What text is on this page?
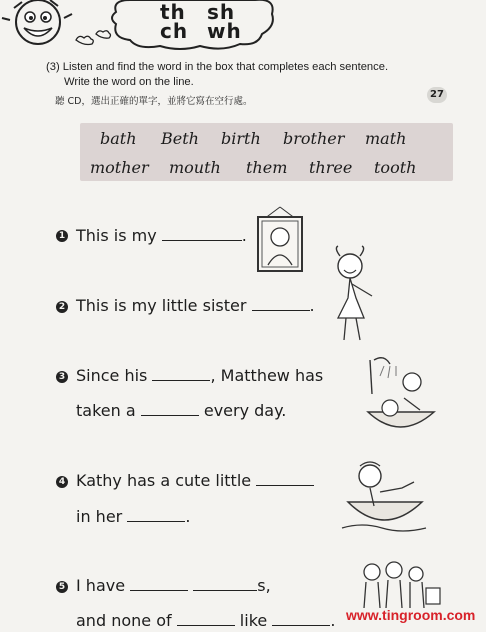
th sh
ch wh
(3) Listen and find the word in the box that completes each sentence.
Write the word on the line.
聽 CD，選出正確的單字，並將它寫在空行處。
27
bath Beth birth brother math
mother mouth them three tooth
1 This is my	.
2 This is my little sister	.
3 Since his	, Matthew has
taken a	every day.
4 Kathy has a cute little
in her	.
5 I have	s,
and none of	like	. www.tingroom.com
